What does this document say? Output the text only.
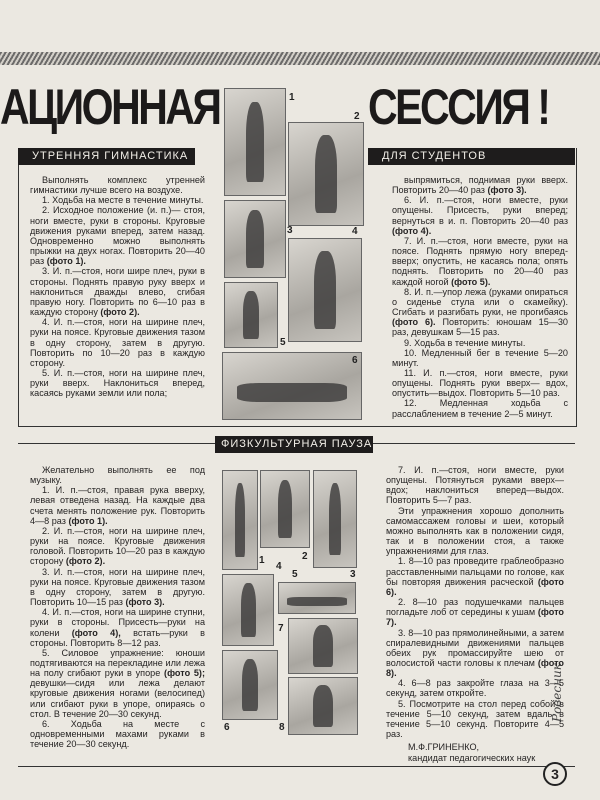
АЦИОННАЯ	СЕССИЯ !
УТРЕННЯЯ ГИМНАСТИКА	ДЛЯ СТУДЕНТОВ

Выполнять комплекс утренней гимнастики лучше всего на воздухе.

1. Ходьба на месте в течение минуты.

2. Исходное положение (и. п.)— стоя, ноги вместе, руки в стороны. Круговые движения руками вперед, затем назад. Одновременно можно выполнять прыжки на двух ногах. Повторить 20—40 раз (фото 1).

3. И. п.—стоя, ноги шире плеч, руки в стороны. Поднять правую руку вверх и наклониться дважды влево, сгибая правую ногу. Повторить по 6—10 раз в каждую сторону (фото 2).

4. И. п.—стоя, ноги на ширине плеч, руки на поясе. Круговые движения тазом в одну сторону, затем в другую. Повторить по 10—20 раз в каждую сторону.

5. И. п.—стоя, ноги на ширине плеч, руки вверх. Наклониться вперед, касаясь руками земли или пола;

выпрямиться, поднимая руки вверх. Повторить 20—40 раз (фото 3).

6. И. п.—стоя, ноги вместе, руки опущены. Присесть, руки вперед; вернуться в и. п. Повторить 20—40 раз (фото 4).

7. И. п.—стоя, ноги вместе, руки на поясе. Поднять прямую ногу вперед-вверх; опустить, не касаясь пола; опять поднять. Повторить по 20—40 раз каждой ногой (фото 5).

8. И. п.—упор лежа (руками опираться о сиденье стула или о скамейку). Сгибать и разгибать руки, не прогибаясь (фото 6). Повторить: юношам 15—30 раз, девушкам 5—15 раз.

9. Ходьба в течение минуты.

10. Медленный бег в течение 5—20 минут.

11. И. п.—стоя, ноги вместе, руки опущены. Поднять руки вверх— вдох, опустить—выдох. Повторить 5—10 раз.

12. Медленная ходьба с расслаблением в течение 2—5 минут.

1
2
3	4
5
6
ФИЗКУЛЬТУРНАЯ ПАУЗА

Желательно выполнять ее под музыку.

1. И. п.—стоя, правая рука вверху, левая отведена назад. На каждые два счета менять положение рук. Повторить 4—8 раз (фото 1).

2. И. п.—стоя, ноги на ширине плеч, руки на поясе. Круговые движения головой. Повторить 10—20 раз в каждую сторону (фото 2).

3. И. п.—стоя, ноги на ширине плеч, руки на поясе. Круговые движения тазом в одну сторону, затем в другую. Повторить 10—15 раз (фото 3).

4. И. п.—стоя, ноги на ширине ступни, руки в стороны. Присесть—руки на колени (фото 4), встать—руки в стороны. Повторить 8—12 раз.

5. Силовое упражнение: юноши подтягиваются на перекладине или лежа на полу сгибают руки в упоре (фото 5); девушки—сидя или лежа делают круговые движения ногами (велосипед) или сгибают руки в упоре, опираясь о стол. В течение 20—30 секунд.

6. Ходьба на месте с одновременными махами руками в течение 20—30 секунд.

7. И. п.—стоя, ноги вместе, руки опущены. Потянуться руками вверх—вдох; наклониться вперед—выдох. Повторить 5—7 раз.

Эти упражнения хорошо дополнить самомассажем головы и шеи, который можно выполнять как в положении сидя, так и в положении стоя, а также упражнениями для глаз.

1. 8—10 раз проведите граблеобразно расставленными пальцами по голове, как бы повторяя движения расческой (фото 6).

2. 8—10 раз подушечками пальцев погладьте лоб от середины к ушам (фото 7).

3. 8—10 раз прямолинейными, а затем спиралевидными движениями пальцев обеих рук промассируйте шею от волосистой части головы к плечам (фото 8).

4. 6—8 раз закройте глаза на 3—5 секунд, затем откройте.

5. Посмотрите на стол перед собой в течение 5—10 секунд, затем вдаль в течение 5—10 секунд. Повторите 4—5 раз.

1	2
3
4
5
7
6	8
М.Ф.ГРИНЕНКО,
кандидат педагогических наук
Ровесник
3
